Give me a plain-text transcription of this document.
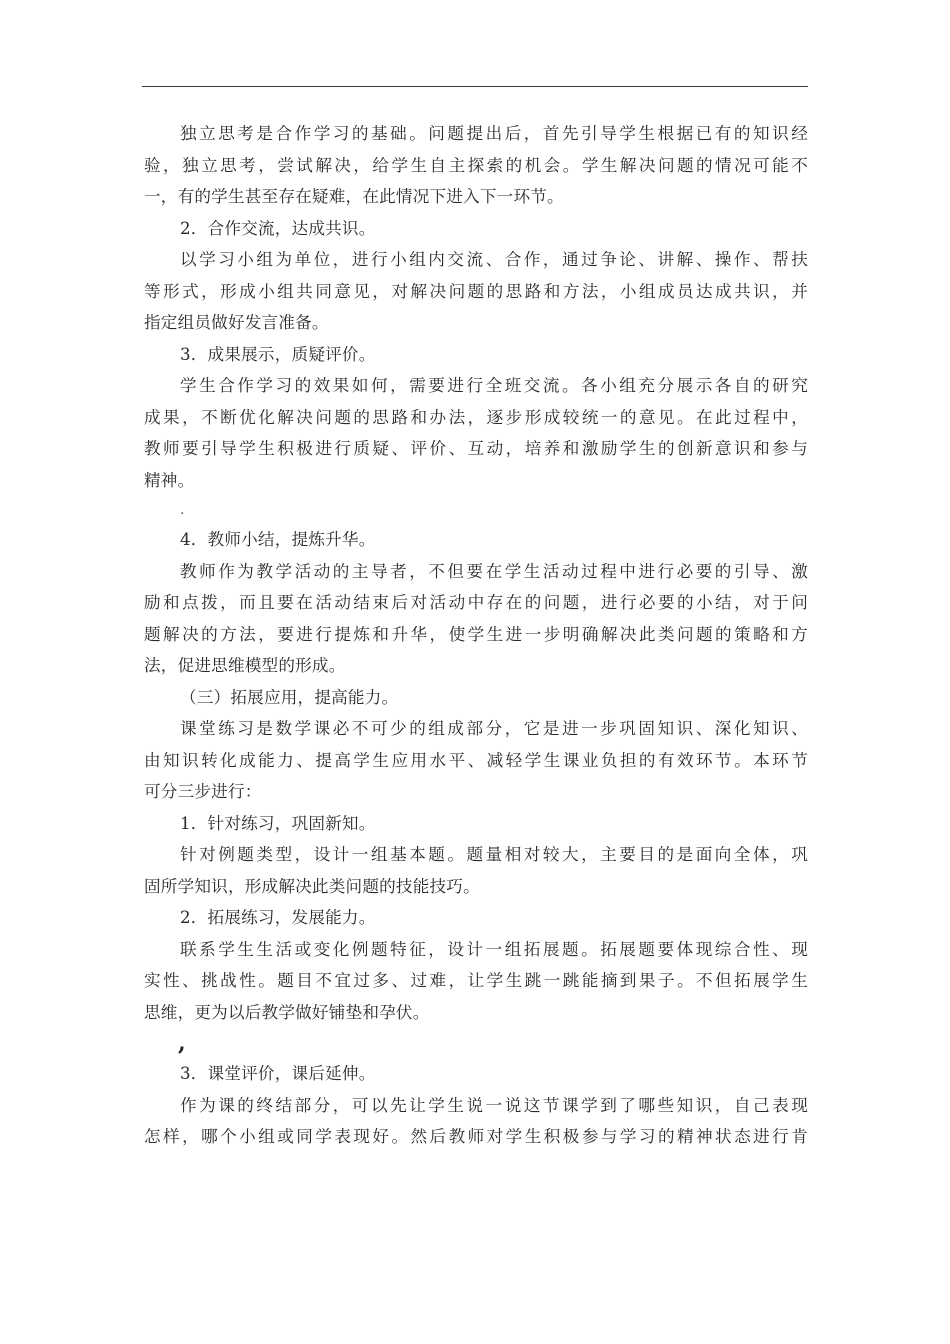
独立思考是合作学习的基础。问题提出后，首先引导学生根据已有的知识经
验，独立思考，尝试解决，给学生自主探索的机会。学生解决问题的情况可能不
一，有的学生甚至存在疑难，在此情况下进入下一环节。
2．合作交流，达成共识。
以学习小组为单位，进行小组内交流、合作，通过争论、讲解、操作、帮扶
等形式，形成小组共同意见，对解决问题的思路和方法，小组成员达成共识，并
指定组员做好发言准备。
3．成果展示，质疑评价。
学生合作学习的效果如何，需要进行全班交流。各小组充分展示各自的研究
成果，不断优化解决问题的思路和办法，逐步形成较统一的意见。在此过程中，
教师要引导学生积极进行质疑、评价、互动，培养和激励学生的创新意识和参与
精神。
.
4．教师小结，提炼升华。
教师作为教学活动的主导者，不但要在学生活动过程中进行必要的引导、激
励和点拨，而且要在活动结束后对活动中存在的问题，进行必要的小结，对于问
题解决的方法，要进行提炼和升华，使学生进一步明确解决此类问题的策略和方
法，促进思维模型的形成。
（三）拓展应用，提高能力。
课堂练习是数学课必不可少的组成部分，它是进一步巩固知识、深化知识、
由知识转化成能力、提高学生应用水平、减轻学生课业负担的有效环节。本环节
可分三步进行：
1．针对练习，巩固新知。
针对例题类型，设计一组基本题。题量相对较大，主要目的是面向全体，巩
固所学知识，形成解决此类问题的技能技巧。
2．拓展练习，发展能力。
联系学生生活或变化例题特征，设计一组拓展题。拓展题要体现综合性、现
实性、挑战性。题目不宜过多、过难，让学生跳一跳能摘到果子。不但拓展学生
思维，更为以后教学做好铺垫和孕伏。
,
3．课堂评价，课后延伸。
作为课的终结部分，可以先让学生说一说这节课学到了哪些知识，自己表现
怎样，哪个小组或同学表现好。然后教师对学生积极参与学习的精神状态进行肯
